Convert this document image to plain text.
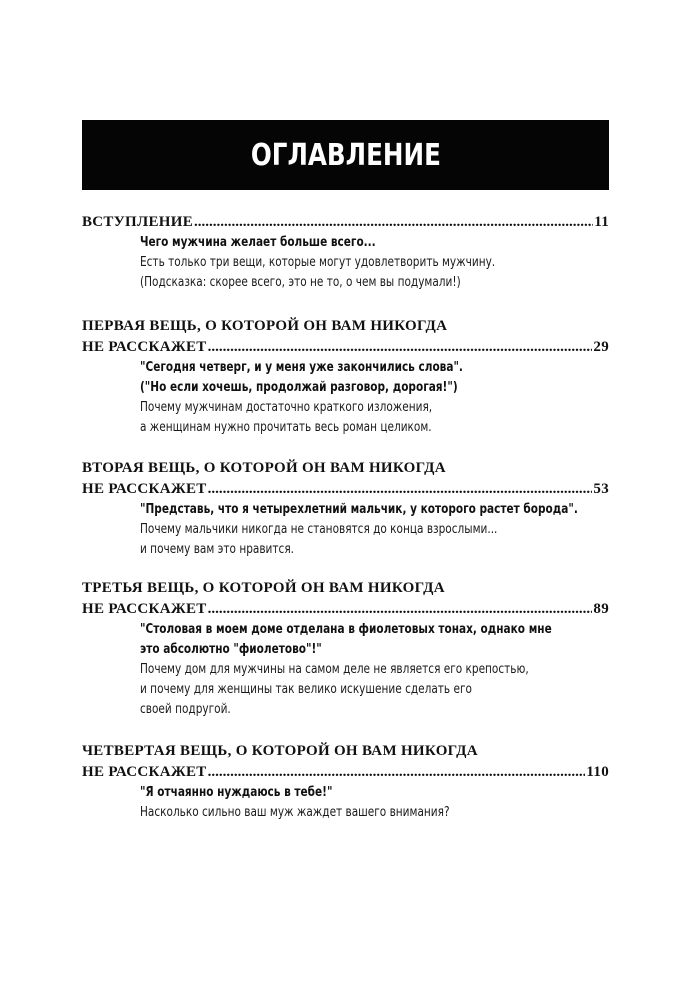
ОГЛАВЛЕНИЕ
ВСТУПЛЕНИЕ .....	11
Чего мужчина желает больше всего...
Есть только три вещи, которые могут удовлетворить мужчину.
(Подсказка: скорее всего, это не то, о чем вы подумали!)
ПЕРВАЯ ВЕЩЬ, О КОТОРОЙ ОН ВАМ НИКОГДА
НЕ РАССКАЖЕТ .....	29
"Сегодня четверг, и у меня уже закончились слова".
("Но если хочешь, продолжай разговор, дорогая!")
Почему мужчинам достаточно краткого изложения,
а женщинам нужно прочитать весь роман целиком.
ВТОРАЯ ВЕЩЬ, О КОТОРОЙ ОН ВАМ НИКОГДА
НЕ РАССКАЖЕТ .....	53
"Представь, что я четырехлетний мальчик, у которого растет борода".
Почему мальчики никогда не становятся до конца взрослыми...
и почему вам это нравится.
ТРЕТЬЯ ВЕЩЬ, О КОТОРОЙ ОН ВАМ НИКОГДА
НЕ РАССКАЖЕТ .....	89
"Столовая в моем доме отделана в фиолетовых тонах, однако мне
это абсолютно "фиолетово"!"
Почему дом для мужчины на самом деле не является его крепостью,
и почему для женщины так велико искушение сделать его
своей подругой.
ЧЕТВЕРТАЯ ВЕЩЬ, О КОТОРОЙ ОН ВАМ НИКОГДА
НЕ РАССКАЖЕТ .....	110
"Я отчаянно нуждаюсь в тебе!"
Насколько сильно ваш муж жаждет вашего внимания?
